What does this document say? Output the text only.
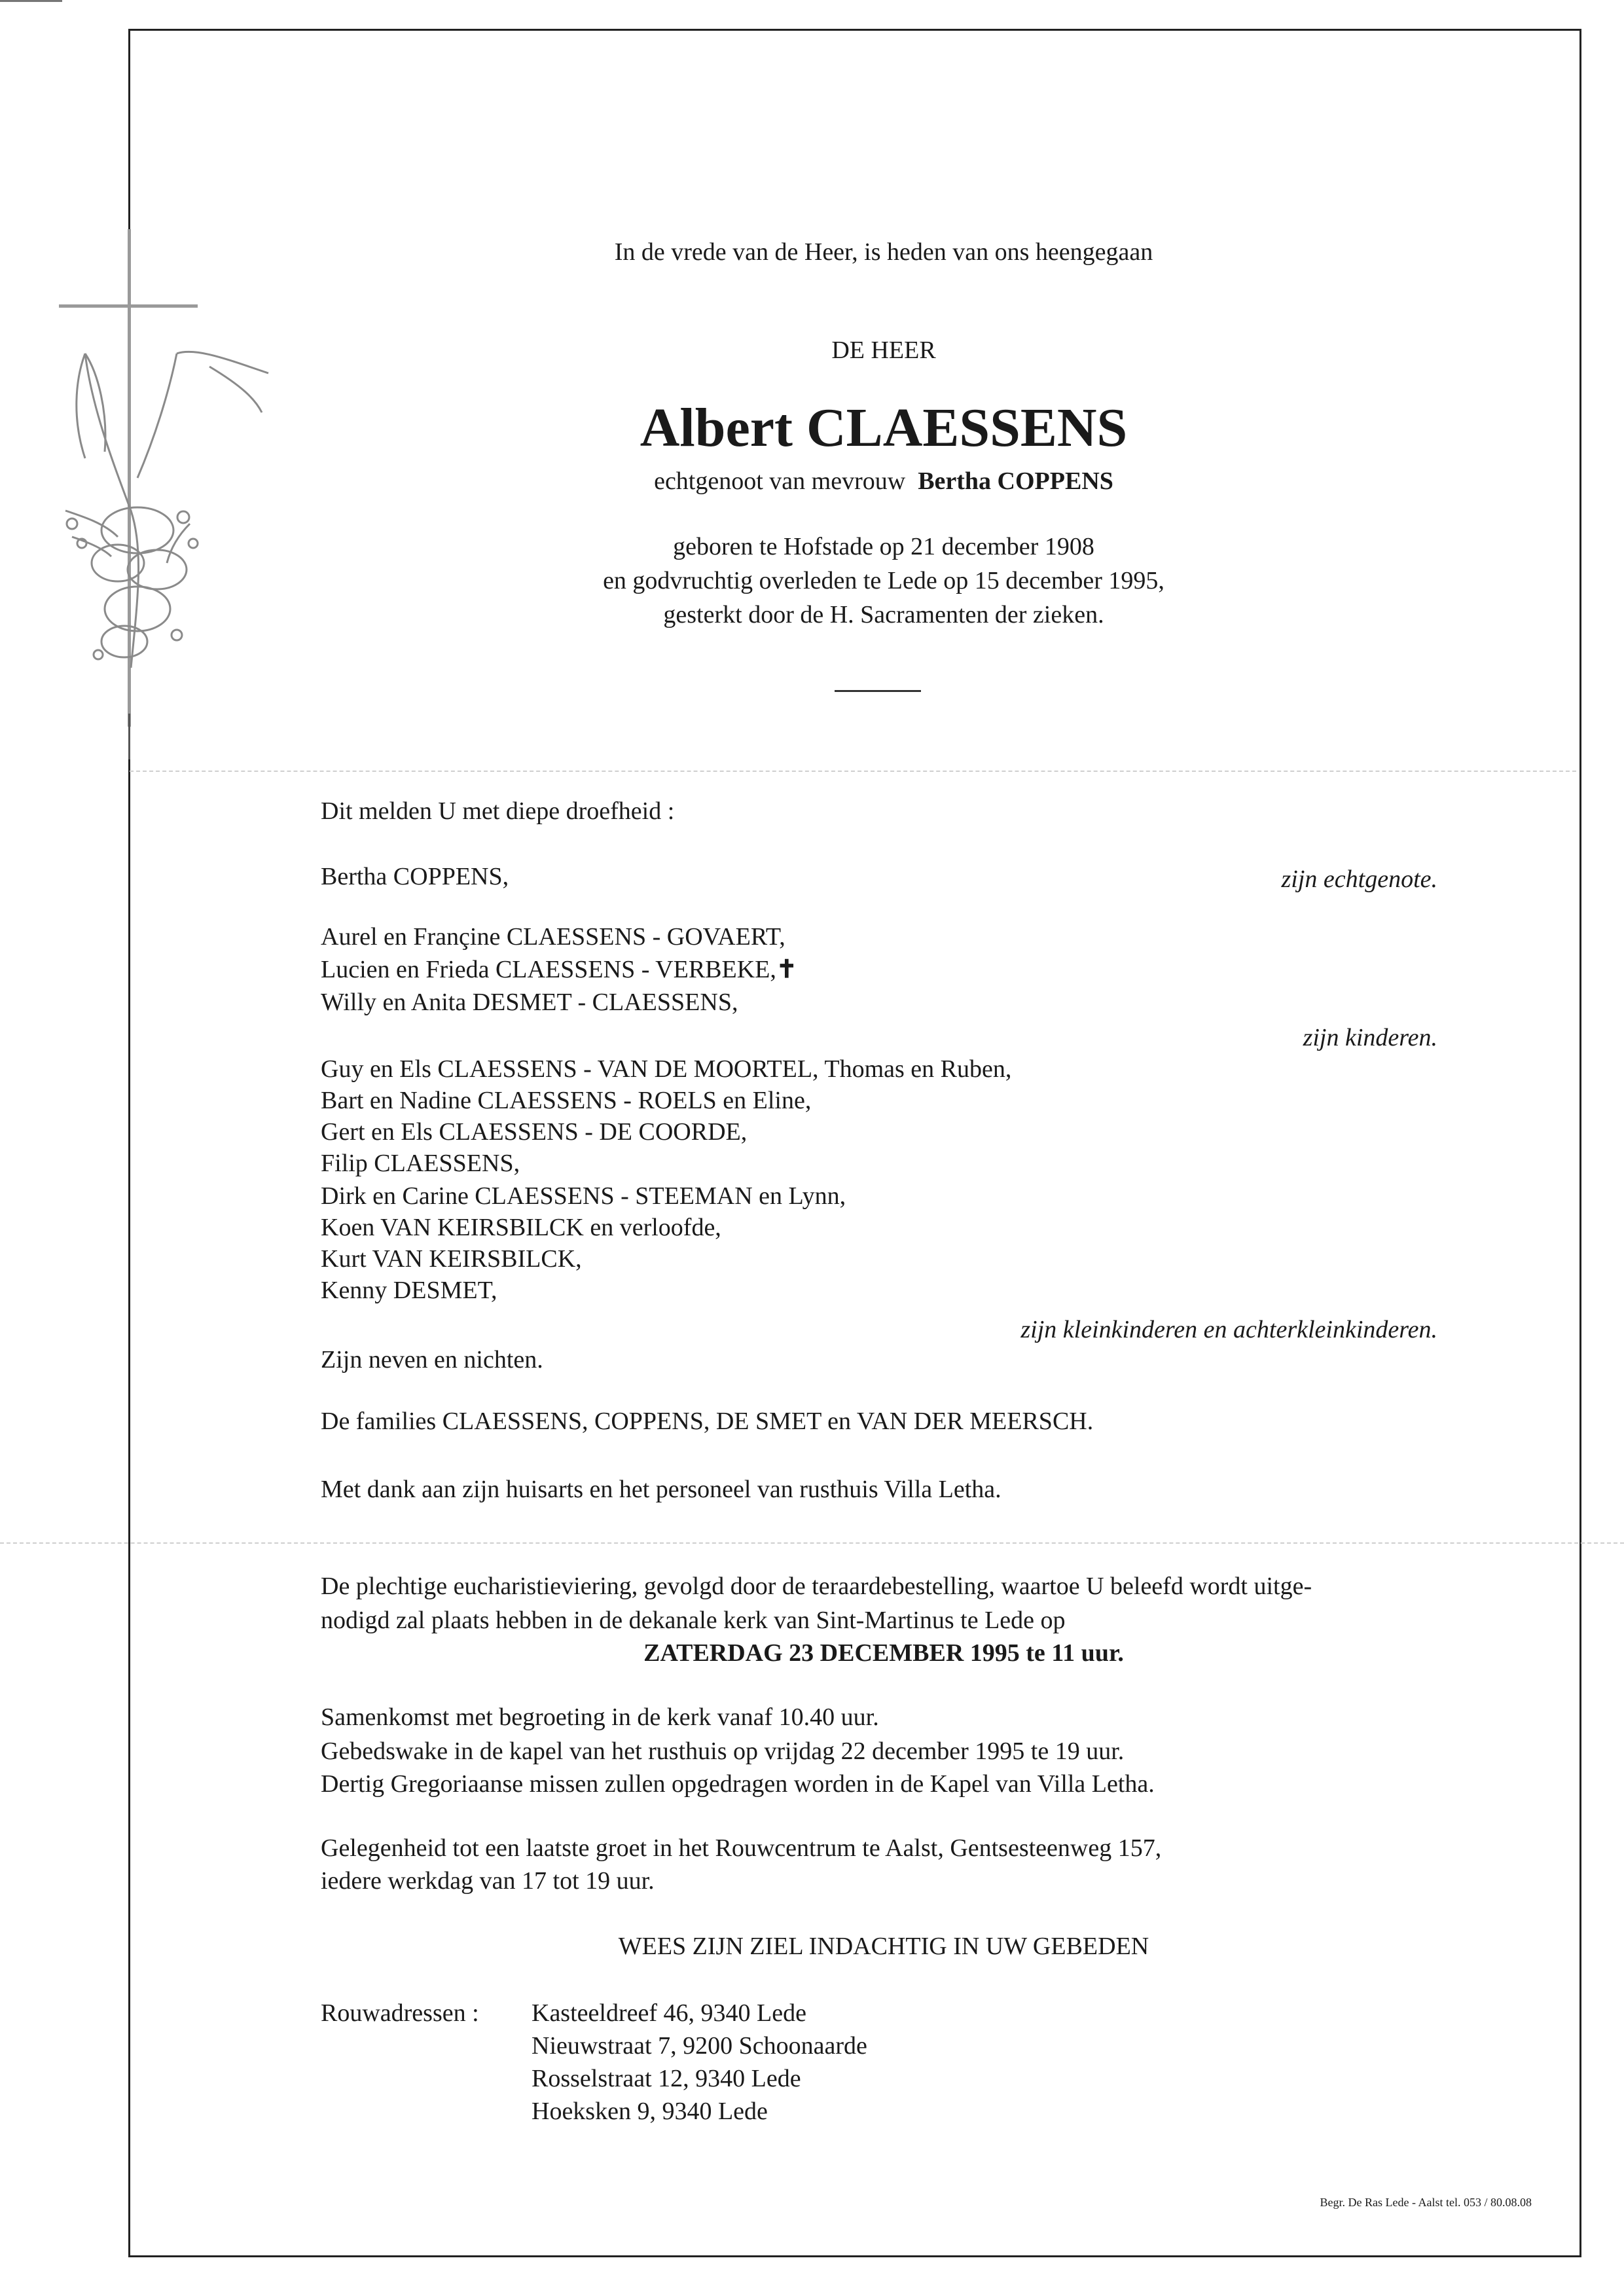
In de vrede van de Heer, is heden van ons heengegaan
DE HEER
Albert CLAESSENS
echtgenoot van mevrouw Bertha COPPENS
geboren te Hofstade op 21 december 1908
en godvruchtig overleden te Lede op 15 december 1995,
gesterkt door de H. Sacramenten der zieken.
Dit melden U met diepe droefheid :
Bertha COPPENS,	zijn echtgenote.
Aurel en Françine CLAESSENS - GOVAERT,
Lucien en Frieda CLAESSENS - VERBEKE,✝
Willy en Anita DESMET - CLAESSENS,
zijn kinderen.
Guy en Els CLAESSENS - VAN DE MOORTEL, Thomas en Ruben,
Bart en Nadine CLAESSENS - ROELS en Eline,
Gert en Els CLAESSENS - DE COORDE,
Filip CLAESSENS,
Dirk en Carine CLAESSENS - STEEMAN en Lynn,
Koen VAN KEIRSBILCK en verloofde,
Kurt VAN KEIRSBILCK,
Kenny DESMET,
zijn kleinkinderen en achterkleinkinderen.
Zijn neven en nichten.
De families CLAESSENS, COPPENS, DE SMET en VAN DER MEERSCH.
Met dank aan zijn huisarts en het personeel van rusthuis Villa Letha.
De plechtige eucharistieviering, gevolgd door de teraardebestelling, waartoe U beleefd wordt uitge-
nodigd zal plaats hebben in de dekanale kerk van Sint-Martinus te Lede op
ZATERDAG 23 DECEMBER 1995 te 11 uur.
Samenkomst met begroeting in de kerk vanaf 10.40 uur.
Gebedswake in de kapel van het rusthuis op vrijdag 22 december 1995 te 19 uur.
Dertig Gregoriaanse missen zullen opgedragen worden in de Kapel van Villa Letha.
Gelegenheid tot een laatste groet in het Rouwcentrum te Aalst, Gentsesteenweg 157,
iedere werkdag van 17 tot 19 uur.
WEES ZIJN ZIEL INDACHTIG IN UW GEBEDEN
Rouwadressen : Kasteeldreef 46, 9340 Lede
Nieuwstraat 7, 9200 Schoonaarde
Rosselstraat 12, 9340 Lede
Hoeksken 9, 9340 Lede
Begr. De Ras Lede - Aalst tel. 053 / 80.08.08
